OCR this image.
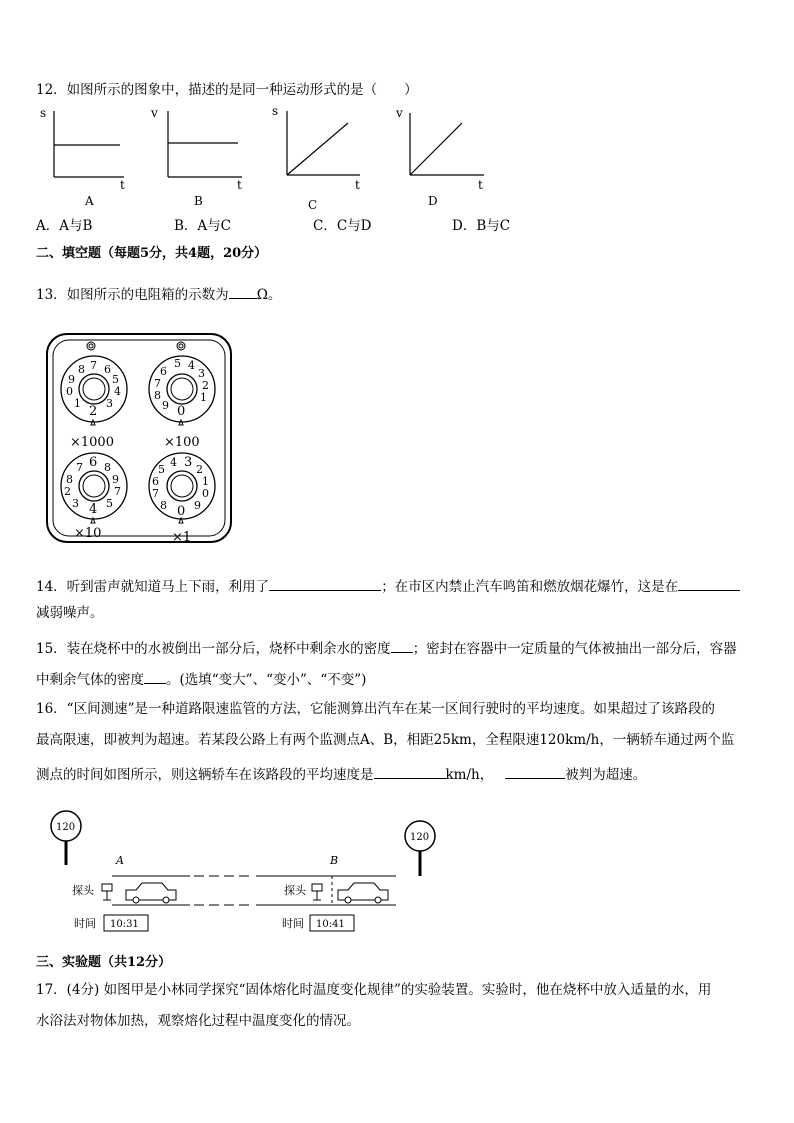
12．如图所示的图象中，描述的是同一种运动形式的是（　　）
s
t
A
v
t
B
s
t
C
v
t
D
A．A与B	B．A与C	C．C与D	D．B与C
二、填空题（每题5分，共4题，20分）
13．如图所示的电阻箱的示数为 Ω。
7
8 6
9	5
0	4
1 3
2
×1000
5 4
6	3
7	2
8	1
9 0
×100
6
7 8
8	9
2	7
3 5
4
×10
4 3
5	2
6	1
7	0
8 9
0
×1
14．听到雷声就知道马上下雨，利用了	；在市区内禁止汽车鸣笛和燃放烟花爆竹，这是在
减弱噪声。
15．装在烧杯中的水被倒出一部分后，烧杯中剩余水的密度 ；密封在容器中一定质量的气体被抽出一部分后，容器
中剩余气体的密度 。(选填“变大”、“变小”、“不变”)
16．“区间测速”是一种道路限速监管的方法，它能测算出汽车在某一区间行驶时的平均速度。如果超过了该路段的
最高限速，即被判为超速。若某段公路上有两个监测点A、B，相距25km，全程限速120km/h，一辆轿车通过两个监
测点的时间如图所示，则这辆轿车在该路段的平均速度是	km/h，	被判为超速。
120
120
A	B
探头	探头
时间 10:31	时间 10:41
三、实验题（共12分）
17．(4分) 如图甲是小林同学探究“固体熔化时温度变化规律”的实验装置。实验时，他在烧杯中放入适量的水，用
水浴法对物体加热，观察熔化过程中温度变化的情况。
